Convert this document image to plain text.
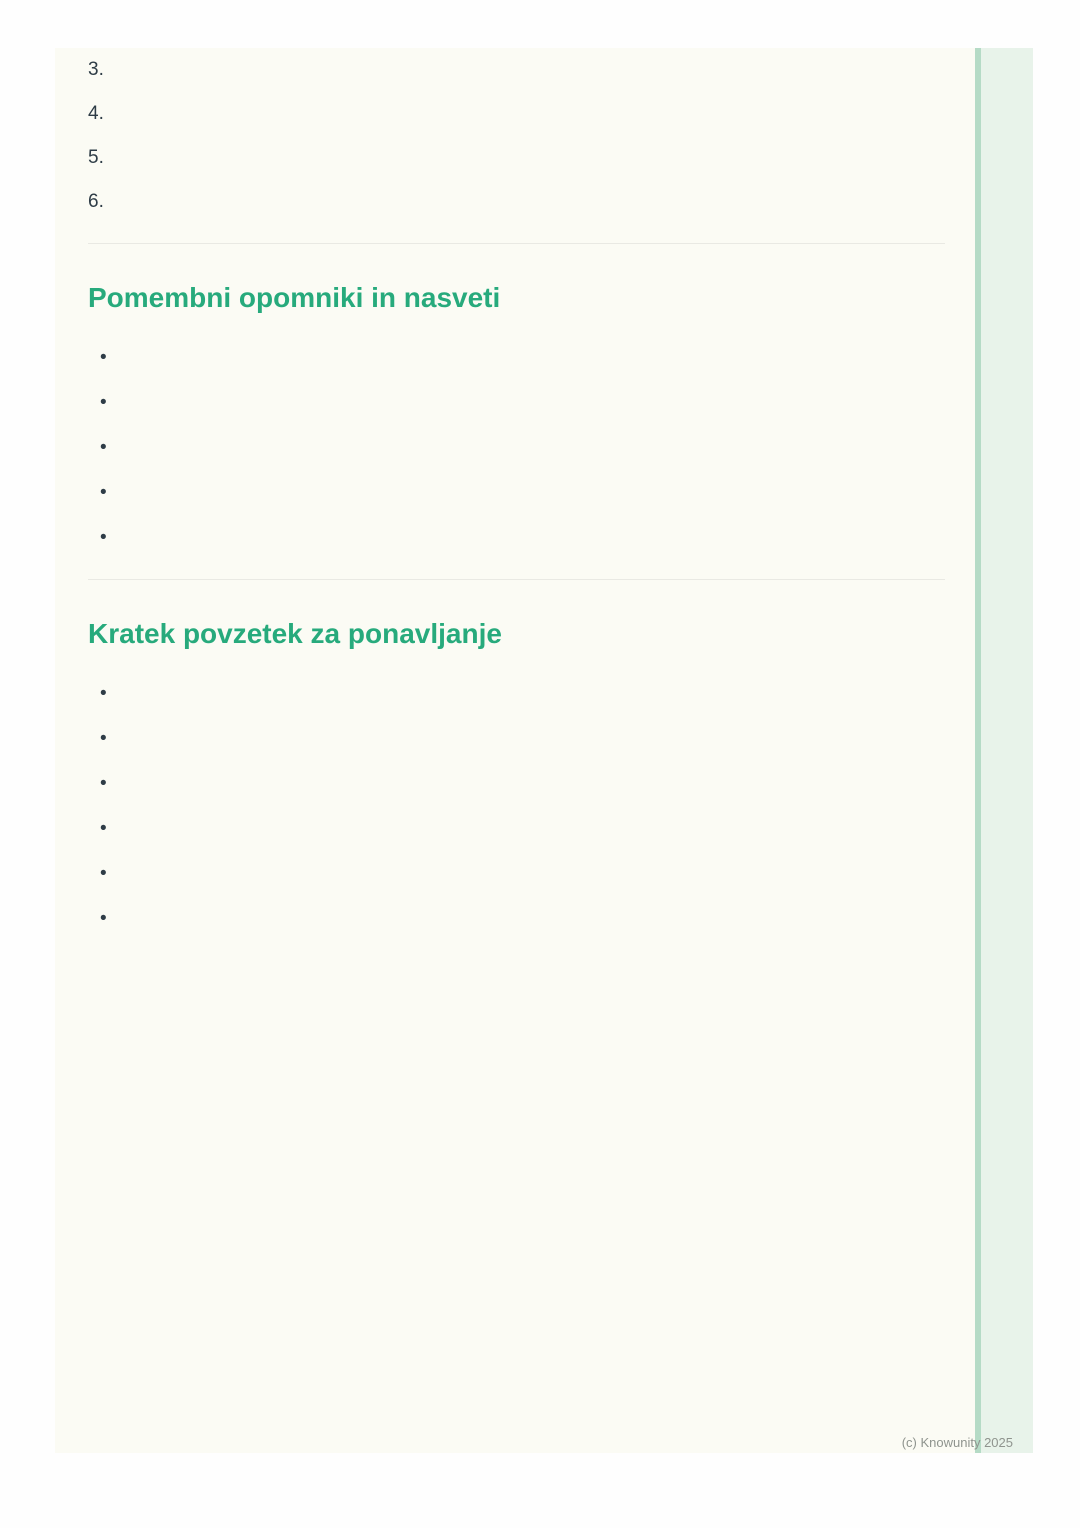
3.
4.
5.
6.
Pomembni opomniki in nasveti
•
•
•
•
•
Kratek povzetek za ponavljanje
•
•
•
•
•
•
(c) Knowunity 2025
